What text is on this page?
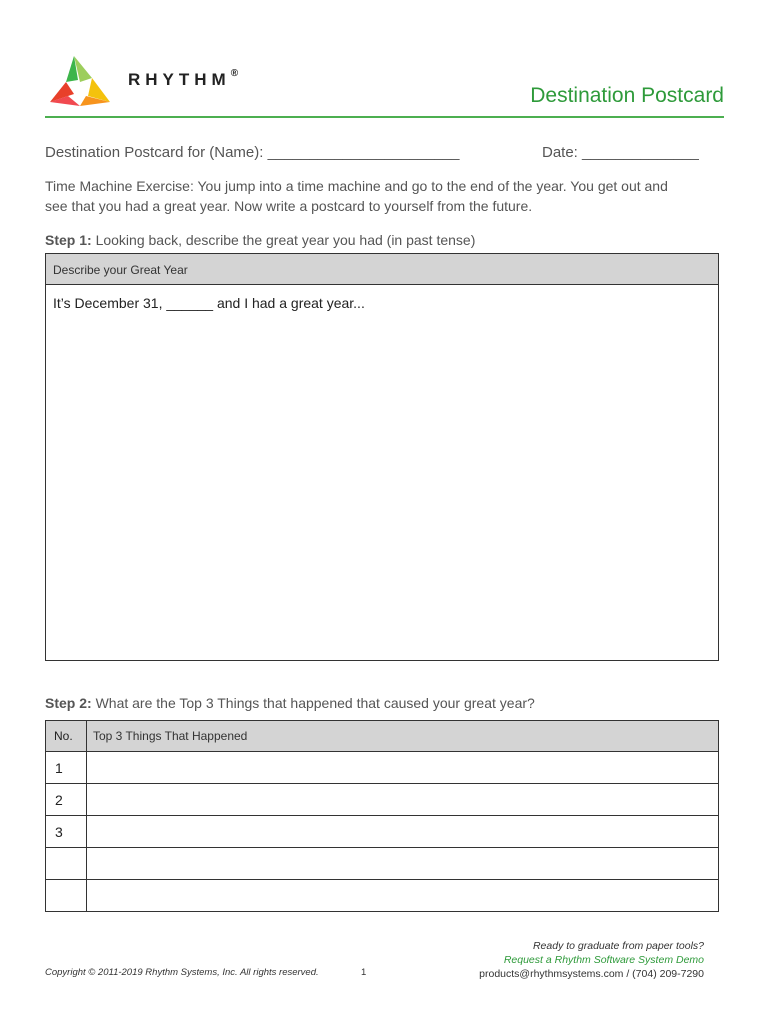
RHYTHM®
Destination Postcard
Destination Postcard for (Name): _______________________	Date: ______________
Time Machine Exercise: You jump into a time machine and go to the end of the year. You get out and see that you had a great year. Now write a postcard to yourself from the future.
Step 1: Looking back, describe the great year you had (in past tense)
Describe your Great Year
It’s December 31, ______ and I had a great year...
Step 2: What are the Top 3 Things that happened that caused your great year?
No.	Top 3 Things That Happened
1	
2	
3	

Copyright © 2011-2019 Rhythm Systems, Inc. All rights reserved.	1
Ready to graduate from paper tools?
Request a Rhythm Software System Demo
products@rhythmsystems.com / (704) 209-7290
